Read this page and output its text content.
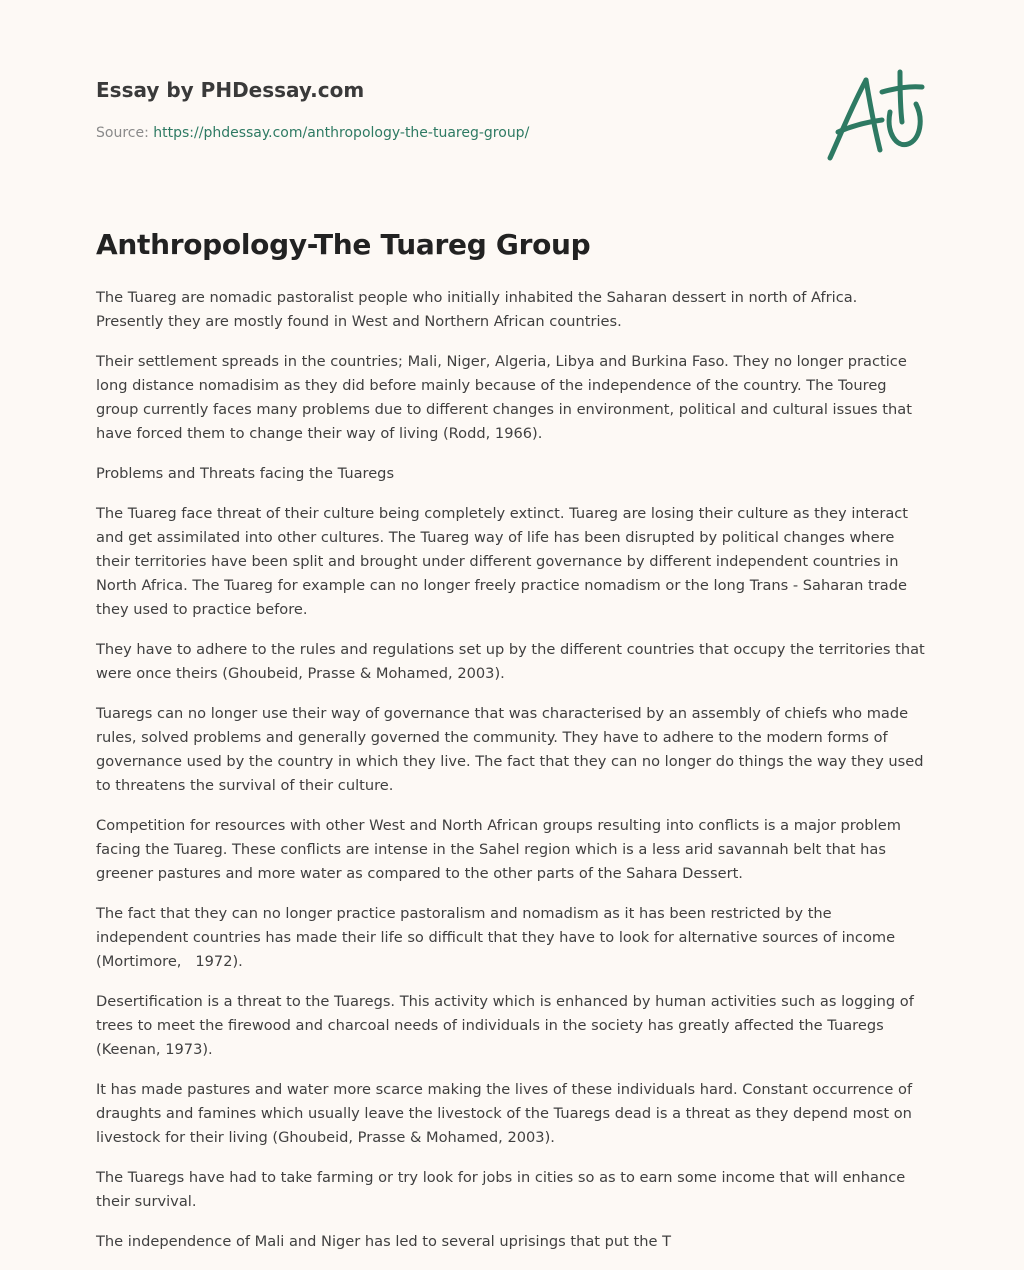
Essay by PHDessay.com
Source: https://phdessay.com/anthropology-the-tuareg-group/
Anthropology-The Tuareg Group

The Tuareg are nomadic pastoralist people who initially inhabited the Saharan dessert in north of Africa. Presently they are mostly found in West and Northern African countries.

Their settlement spreads in the countries; Mali, Niger, Algeria, Libya and Burkina Faso. They no longer practice long distance nomadisim as they did before mainly because of the independence of the country. The Toureg group currently faces many problems due to different changes in environment, political and cultural issues that have forced them to change their way of living (Rodd, 1966).

Problems and Threats facing the Tuaregs

The Tuareg face threat of their culture being completely extinct. Tuareg are losing their culture as they interact and get assimilated into other cultures. The Tuareg way of life has been disrupted by political changes where their territories have been split and brought under different governance by different independent countries in North Africa. The Tuareg for example can no longer freely practice nomadism or the long Trans - Saharan trade they used to practice before.

They have to adhere to the rules and regulations set up by the different countries that occupy the territories that were once theirs (Ghoubeid, Prasse & Mohamed, 2003).

Tuaregs can no longer use their way of governance that was characterised by an assembly of chiefs who made rules, solved problems and generally governed the community. They have to adhere to the modern forms of governance used by the country in which they live. The fact that they can no longer do things the way they used to threatens the survival of their culture.

Competition for resources with other West and North African groups resulting into conflicts is a major problem facing the Tuareg. These conflicts are intense in the Sahel region which is a less arid savannah belt that has greener pastures and more water as compared to the other parts of the Sahara Dessert.

The fact that they can no longer practice pastoralism and nomadism as it has been restricted by the independent countries has made their life so difficult that they have to look for alternative sources of income (Mortimore,   1972).

Desertification is a threat to the Tuaregs. This activity which is enhanced by human activities such as logging of trees to meet the firewood and charcoal needs of individuals in the society has greatly affected the Tuaregs (Keenan, 1973).

It has made pastures and water more scarce making the lives of these individuals hard. Constant occurrence of draughts and famines which usually leave the livestock of the Tuaregs dead is a threat as they depend most on livestock for their living (Ghoubeid, Prasse & Mohamed, 2003).

The Tuaregs have had to take farming or try look for jobs in cities so as to earn some income that will enhance their survival.

The independence of Mali and Niger has led to several uprisings that put the T
